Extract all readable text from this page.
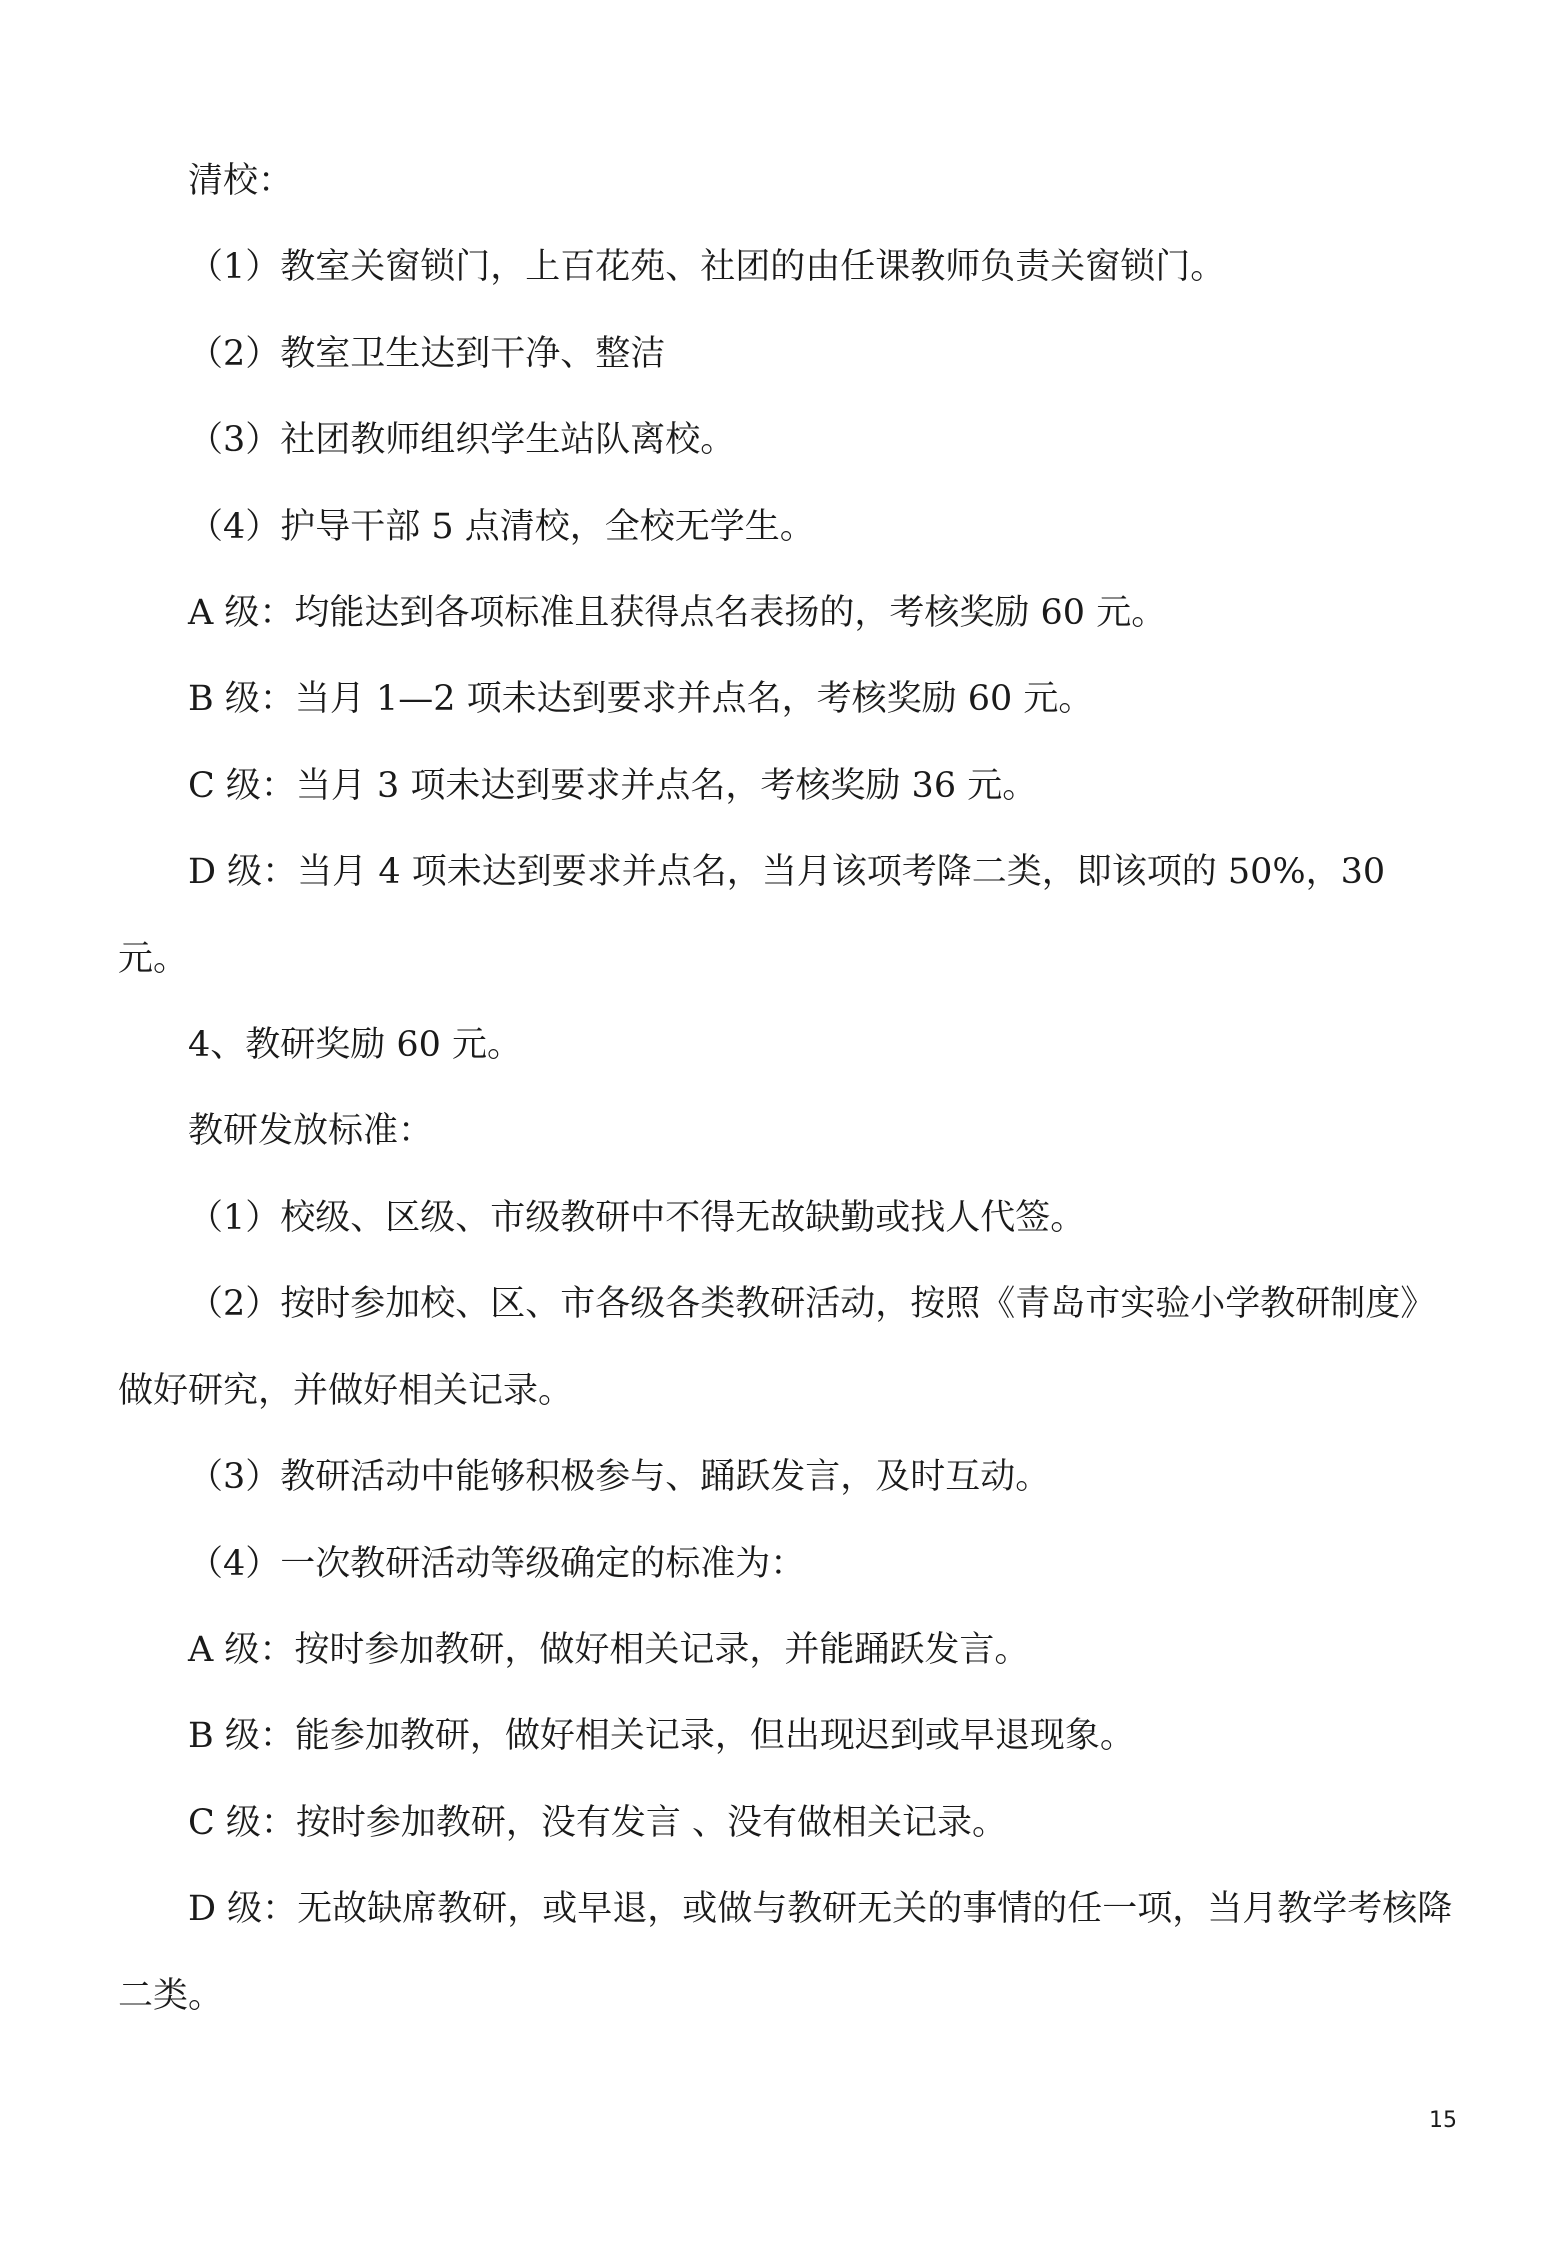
清校：

（1）教室关窗锁门，上百花苑、社团的由任课教师负责关窗锁门。

（2）教室卫生达到干净、整洁

（3）社团教师组织学生站队离校。

（4）护导干部 5 点清校，全校无学生。

A 级：均能达到各项标准且获得点名表扬的，考核奖励 60 元。

B 级：当月 1—2 项未达到要求并点名，考核奖励 60 元。

C 级：当月 3 项未达到要求并点名，考核奖励 36 元。

D 级：当月 4 项未达到要求并点名，当月该项考降二类，即该项的 50%，30 元。

4、教研奖励 60 元。

教研发放标准：

（1）校级、区级、市级教研中不得无故缺勤或找人代签。

（2）按时参加校、区、市各级各类教研活动，按照《青岛市实验小学教研制度》做好研究，并做好相关记录。

（3）教研活动中能够积极参与、踊跃发言，及时互动。

（4）一次教研活动等级确定的标准为：

A 级：按时参加教研，做好相关记录，并能踊跃发言。

B 级：能参加教研，做好相关记录，但出现迟到或早退现象。

C 级：按时参加教研，没有发言 、没有做相关记录。

D 级：无故缺席教研，或早退，或做与教研无关的事情的任一项，当月教学考核降二类。

15
